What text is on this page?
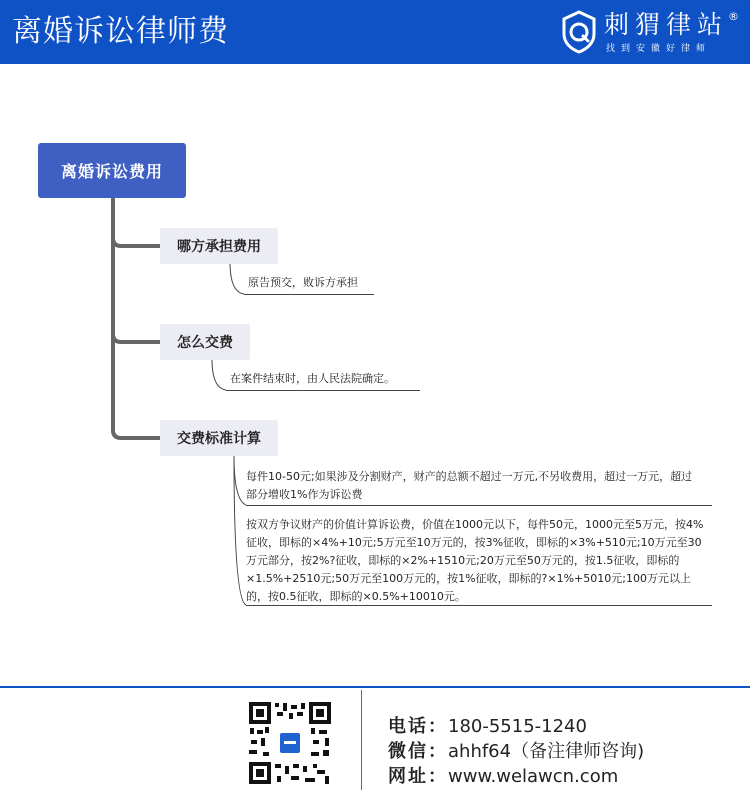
离婚诉讼律师费	刺猬律站 ®
找到安徽好律师
离婚诉讼费用
哪方承担费用
原告预交，败诉方承担
怎么交费
在案件结束时，由人民法院确定。
交费标准计算
每件10-50元;如果涉及分割财产，财产的总额不超过一万元,不另收费用，超过一万元，超过部分增收1%作为诉讼费
按双方争议财产的价值计算诉讼费，价值在1000元以下，每件50元，1000元至5万元，按4%征收，即标的×4%+10元;5万元至10万元的，按3%征收，即标的×3%+510元;10万元至30万元部分，按2%?征收，即标的×2%+1510元;20万元至50万元的，按1.5征收，即标的×1.5%+2510元;50万元至100万元的，按1%征收，即标的?×1%+5010元;100万元以上的，按0.5征收，即标的×0.5%+10010元。
电话：180-5515-1240
微信：ahhf64（备注律师咨询)
网址：www.welawcn.com
